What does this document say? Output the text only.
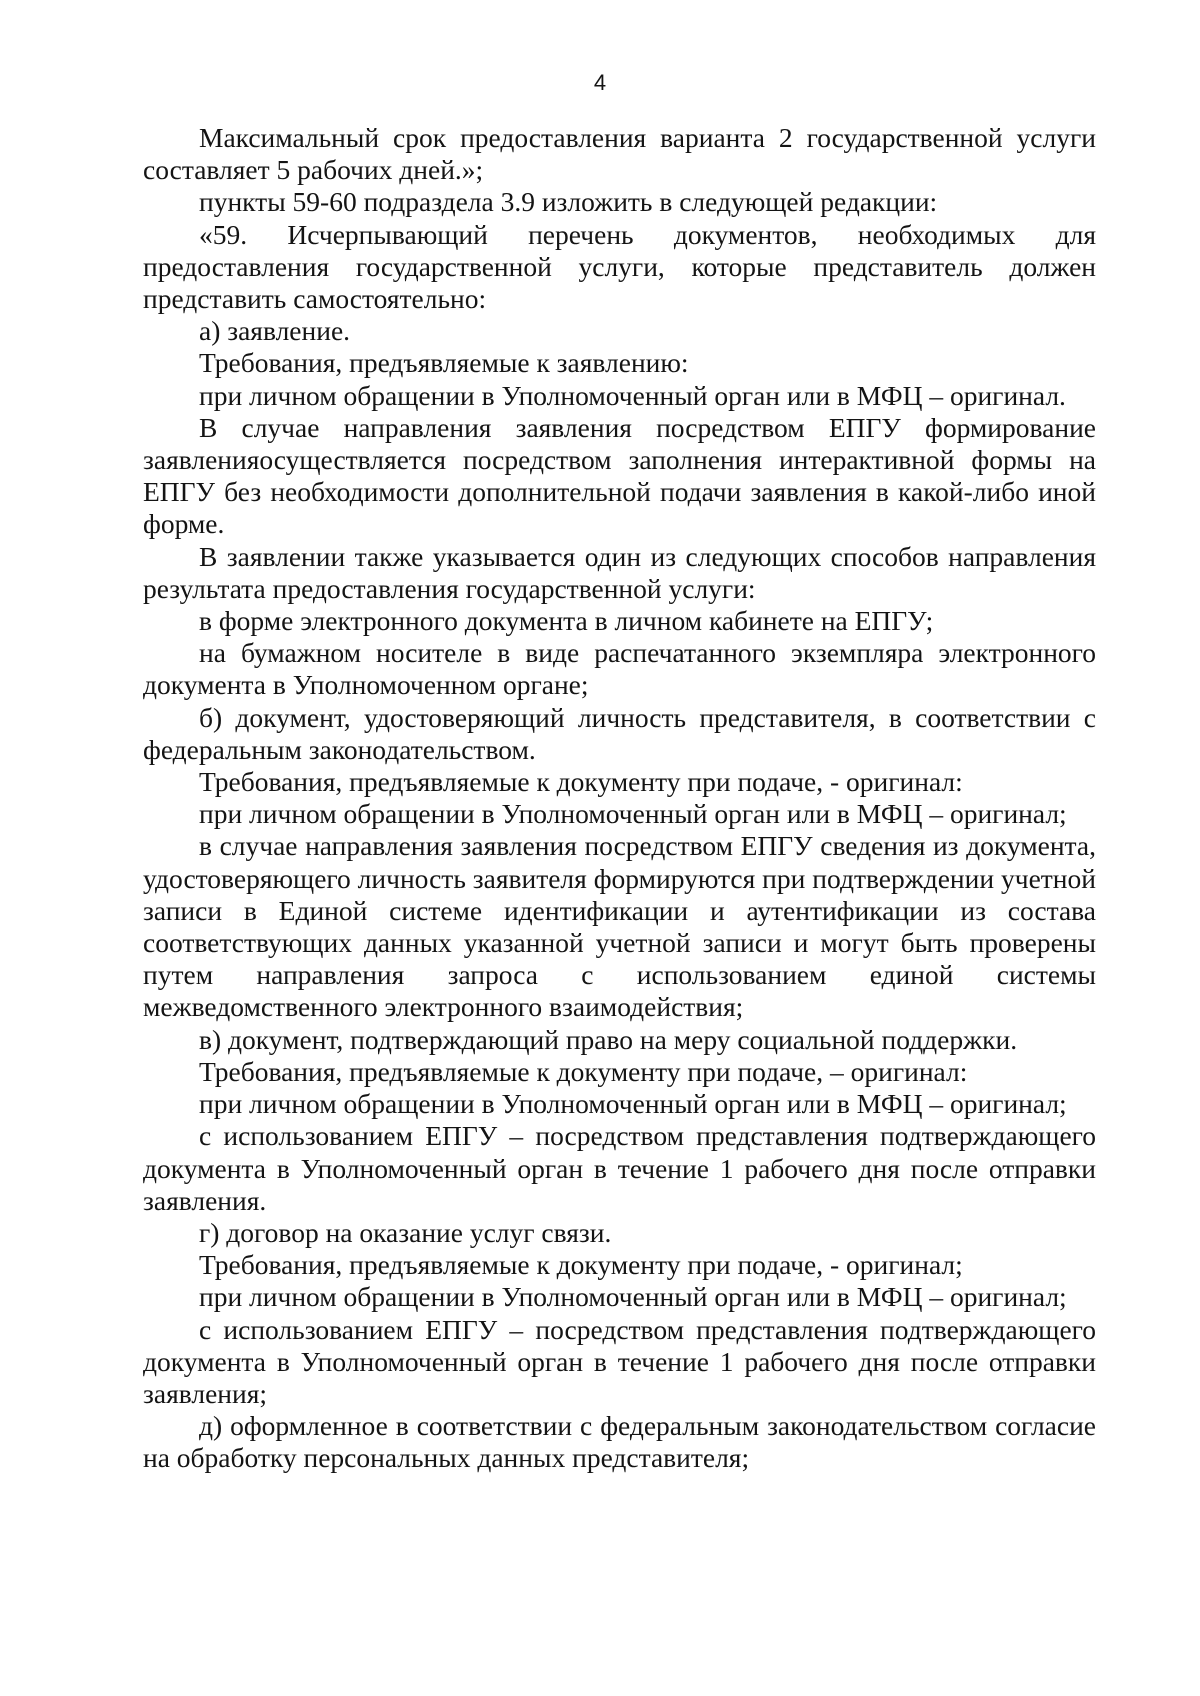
4

Максимальный срок предоставления варианта 2 государственной услуги составляет 5 рабочих дней.»;

пункты 59-60 подраздела 3.9 изложить в следующей редакции:

«59. Исчерпывающий перечень документов, необходимых для предоставления государственной услуги, которые представитель должен представить самостоятельно:

а) заявление.

Требования, предъявляемые к заявлению:

при личном обращении в Уполномоченный орган или в МФЦ – оригинал.

В случае направления заявления посредством ЕПГУ формирование заявленияосуществляется посредством заполнения интерактивной формы на ЕПГУ без необходимости дополнительной подачи заявления в какой-либо иной форме.

В заявлении также указывается один из следующих способов направления результата предоставления государственной услуги:

в форме электронного документа в личном кабинете на ЕПГУ;

на бумажном носителе в виде распечатанного экземпляра электронного документа в Уполномоченном органе;

б) документ, удостоверяющий личность представителя, в соответствии с федеральным законодательством.

Требования, предъявляемые к документу при подаче, - оригинал:

при личном обращении в Уполномоченный орган или в МФЦ – оригинал;

в случае направления заявления посредством ЕПГУ сведения из документа, удостоверяющего личность заявителя формируются при подтверждении учетной записи в Единой системе идентификации и аутентификации из состава соответствующих данных указанной учетной записи и могут быть проверены путем направления запроса с использованием единой системы межведомственного электронного взаимодействия;

в) документ, подтверждающий право на меру социальной поддержки.

Требования, предъявляемые к документу при подаче, – оригинал:

при личном обращении в Уполномоченный орган или в МФЦ – оригинал;

с использованием ЕПГУ – посредством представления подтверждающего документа в Уполномоченный орган в течение 1 рабочего дня после отправки заявления.

г) договор на оказание услуг связи.

Требования, предъявляемые к документу при подаче, - оригинал;

при личном обращении в Уполномоченный орган или в МФЦ – оригинал;

с использованием ЕПГУ – посредством представления подтверждающего документа в Уполномоченный орган в течение 1 рабочего дня после отправки заявления;

д) оформленное в соответствии с федеральным законодательством согласие на обработку персональных данных представителя;
